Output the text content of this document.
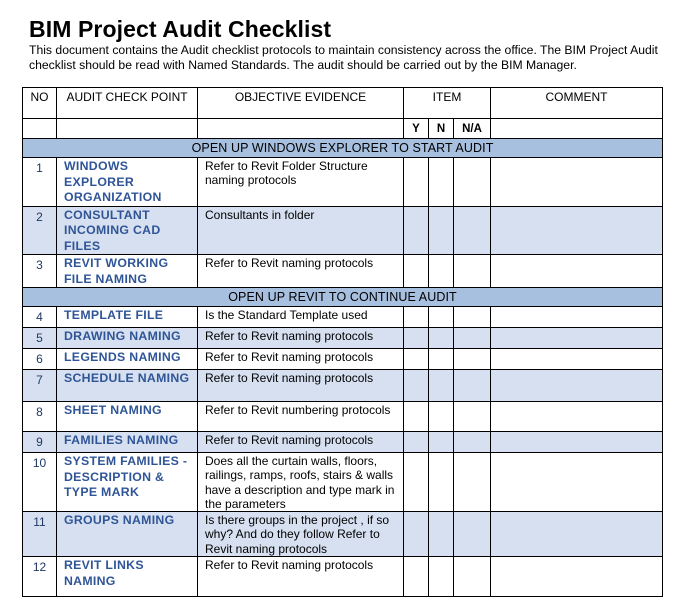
BIM Project Audit Checklist
This document contains the Audit checklist protocols to maintain consistency across the office. The BIM Project Audit checklist should be read with Named Standards. The audit should be carried out by the BIM Manager.
NO	AUDIT CHECK POINT	OBJECTIVE EVIDENCE	ITEM			COMMENT
			Y	N	N/A	
OPEN UP WINDOWS EXPLORER TO START AUDIT						
1	WINDOWS EXPLORER ORGANIZATION	Refer to Revit Folder Structure naming protocols				
2	CONSULTANT INCOMING CAD FILES	Consultants in folder				
3	REVIT WORKING FILE NAMING	Refer to Revit naming protocols				
OPEN UP REVIT TO CONTINUE AUDIT						
4	TEMPLATE FILE	Is the Standard Template used				
5	DRAWING NAMING	Refer to Revit naming protocols				
6	LEGENDS NAMING	Refer to Revit naming protocols				
7	SCHEDULE NAMING	Refer to Revit naming protocols				
8	SHEET NAMING	Refer to Revit numbering protocols				
9	FAMILIES NAMING	Refer to Revit naming protocols				
10	SYSTEM FAMILIES -DESCRIPTION & TYPE MARK	Does all the curtain walls, floors, railings, ramps, roofs, stairs & walls have a description and type mark in the parameters				
11	GROUPS NAMING	Is there groups in the project , if so why? And do they follow Refer to Revit naming protocols				
12	REVIT LINKS NAMING	Refer to Revit naming protocols				
